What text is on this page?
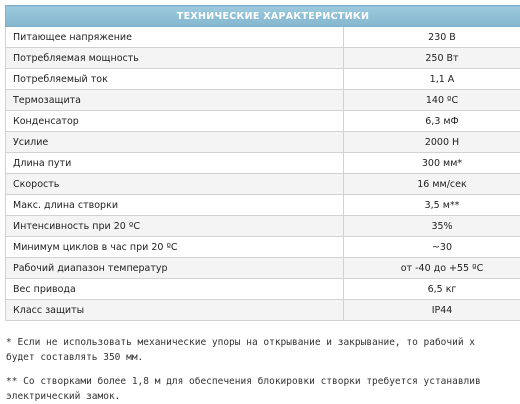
ТЕХНИЧЕСКИЕ ХАРАКТЕРИСТИКИ	
Питающее напряжение	230 В
Потребляемая мощность	250 Вт
Потребляемый ток	1,1 А
Термозащита	140 ºС
Конденсатор	6,3 мФ
Усилие	2000 Н
Длина пути	300 мм*
Скорость	16 мм/сек
Макс. длина створки	3,5 м**
Интенсивность при 20 ºС	35%
Минимум циклов в час при 20 ºС	~30
Рабочий диапазон температур	от -40 до +55 ºС
Вес привода	6,5 кг
Класс защиты	IP44
* Если не использовать механические упоры на открывание и закрывание, то рабочий х
будет составлять 350 мм.
** Со створками более 1,8 м для обеспечения блокировки створки требуется устанавлив
электрический замок.
